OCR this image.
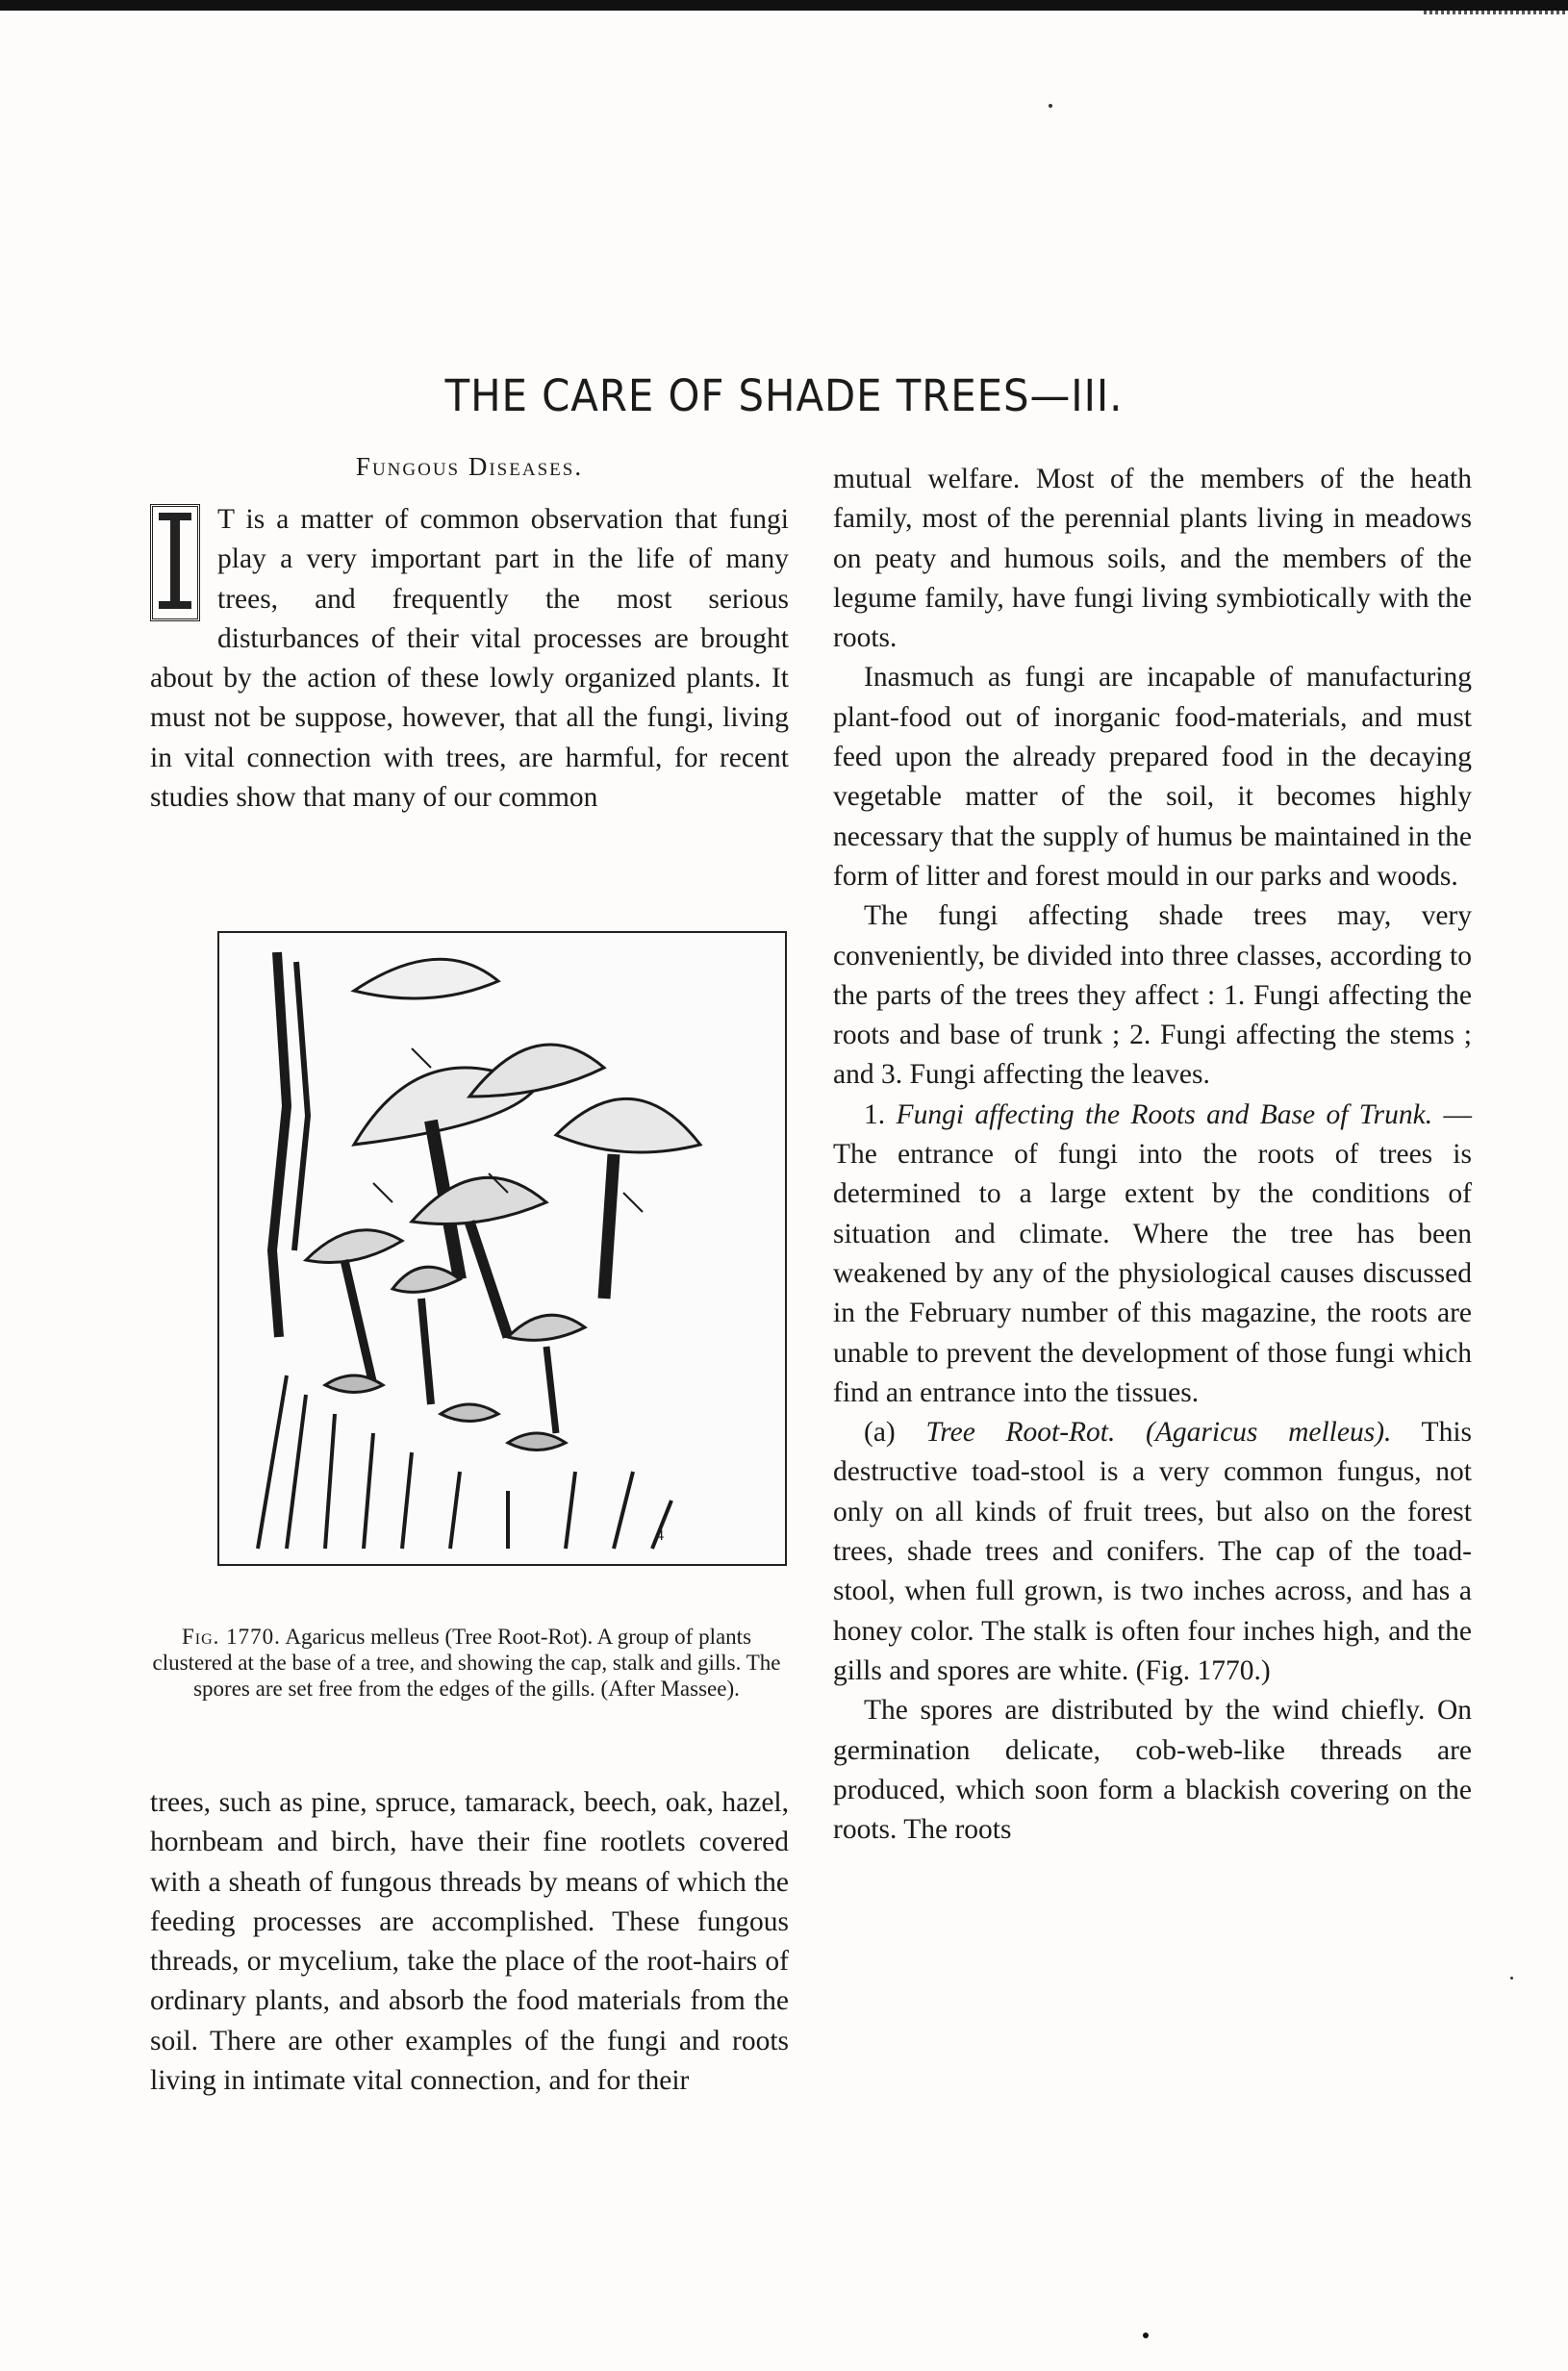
THE CARE OF SHADE TREES—III.
Fungous Diseases.

T is a matter of common observation that fungi play a very important part in the life of many trees, and frequently the most serious disturbances of their vital processes are brought about by the action of these lowly organized plants. It must not be suppose, however, that all the fungi, living in vital connection with trees, are harmful, for recent studies show that many of our common

4
Fig. 1770. Agaricus melleus (Tree Root-Rot). A group of plants clustered at the base of a tree, and showing the cap, stalk and gills. The spores are set free from the edges of the gills. (After Massee).

trees, such as pine, spruce, tamarack, beech, oak, hazel, hornbeam and birch, have their fine rootlets covered with a sheath of fungous threads by means of which the feeding processes are accomplished. These fungous threads, or mycelium, take the place of the root-hairs of ordinary plants, and absorb the food materials from the soil. There are other examples of the fungi and roots living in intimate vital connection, and for their

mutual welfare. Most of the members of the heath family, most of the perennial plants living in meadows on peaty and humous soils, and the members of the legume family, have fungi living symbiotically with the roots.

Inasmuch as fungi are incapable of manufacturing plant-food out of inorganic food-materials, and must feed upon the already prepared food in the decaying vegetable matter of the soil, it becomes highly necessary that the supply of humus be maintained in the form of litter and forest mould in our parks and woods.

The fungi affecting shade trees may, very conveniently, be divided into three classes, according to the parts of the trees they affect : 1. Fungi affecting the roots and base of trunk ; 2. Fungi affecting the stems ; and 3. Fungi affecting the leaves.

1. Fungi affecting the Roots and Base of Trunk. —The entrance of fungi into the roots of trees is determined to a large extent by the conditions of situation and climate. Where the tree has been weakened by any of the physiological causes discussed in the February number of this magazine, the roots are unable to prevent the development of those fungi which find an entrance into the tissues.

(a) Tree Root-Rot. (Agaricus melleus). This destructive toad-stool is a very common fungus, not only on all kinds of fruit trees, but also on the forest trees, shade trees and conifers. The cap of the toad-stool, when full grown, is two inches across, and has a honey color. The stalk is often four inches high, and the gills and spores are white. (Fig. 1770.)

The spores are distributed by the wind chiefly. On germination delicate, cob-web-like threads are produced, which soon form a blackish covering on the roots. The roots
